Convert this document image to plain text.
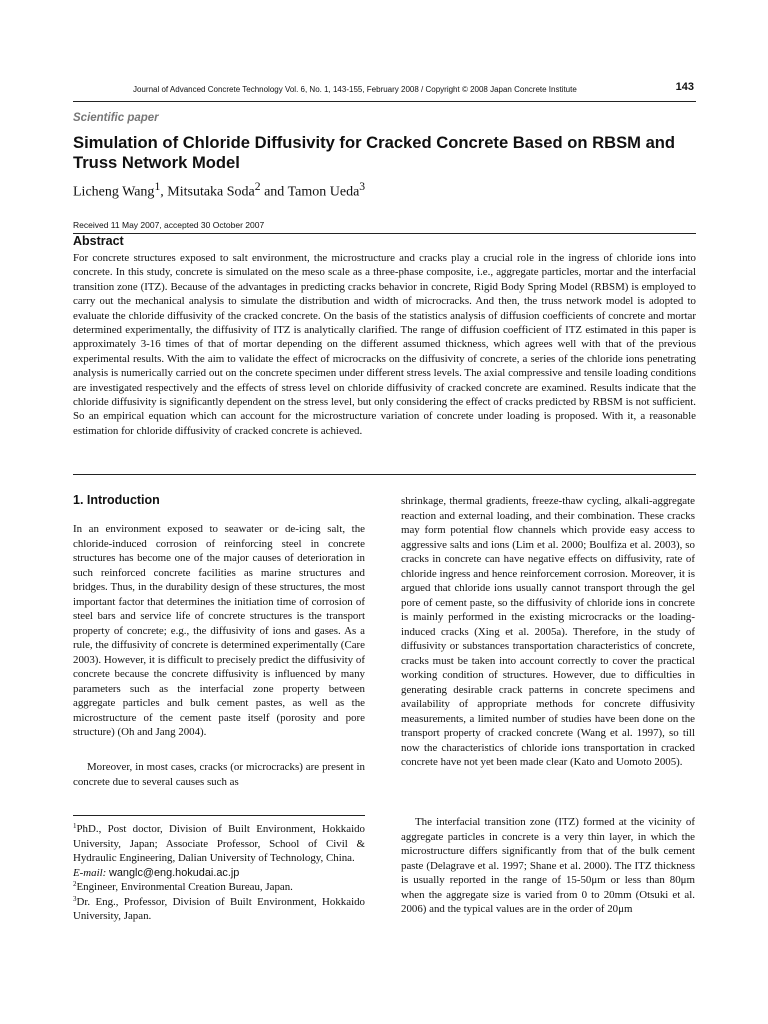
Journal of Advanced Concrete Technology Vol. 6, No. 1, 143-155, February 2008 / Copyright © 2008 Japan Concrete Institute	143
Scientific paper
Simulation of Chloride Diffusivity for Cracked Concrete Based on RBSM and Truss Network Model
Licheng Wang$^1$, Mitsutaka Soda$^2$ and Tamon Ueda$^3$
Received 11 May 2007, accepted 30 October 2007
Abstract

For concrete structures exposed to salt environment, the microstructure and cracks play a crucial role in the ingress of chloride ions into concrete. In this study, concrete is simulated on the meso scale as a three-phase composite, i.e., aggregate particles, mortar and the interfacial transition zone (ITZ). Because of the advantages in predicting cracks behavior in concrete, Rigid Body Spring Model (RBSM) is employed to carry out the mechanical analysis to simulate the distribution and width of microcracks. And then, the truss network model is adopted to evaluate the chloride diffusivity of the cracked concrete. On the basis of the statistics analysis of diffusion coefficients of concrete and mortar determined experimentally, the diffusivity of ITZ is analytically clarified. The range of diffusion coefficient of ITZ estimated in this paper is approximately 3-16 times of that of mortar depending on the different assumed thickness, which agrees well with that of the previous experimental results. With the aim to validate the effect of microcracks on the diffusivity of concrete, a series of the chloride ions penetrating analysis is numerically carried out on the concrete specimen under different stress levels. The axial compressive and tensile loading conditions are investigated respectively and the effects of stress level on chloride diffusivity of cracked concrete are examined. Results indicate that the chloride diffusivity is significantly dependent on the stress level, but only considering the effect of cracks predicted by RBSM is not sufficient. So an empirical equation which can account for the microstructure variation of concrete under loading is proposed. With it, a reasonable estimation for chloride diffusivity of cracked concrete is achieved.

1. Introduction

In an environment exposed to seawater or de-icing salt, the chloride-induced corrosion of reinforcing steel in concrete structures has become one of the major causes of deterioration in such reinforced concrete facilities as marine structures and bridges. Thus, in the durability design of these structures, the most important factor that determines the initiation time of corrosion of steel bars and service life of concrete structures is the transport property of concrete; e.g., the diffusivity of ions and gases. As a rule, the diffusivity of concrete is determined experimentally (Care 2003). However, it is difficult to precisely predict the diffusivity of concrete because the concrete diffusivity is influenced by many parameters such as the interfacial zone property between aggregate particles and bulk cement pastes, as well as the microstructure of the cement paste itself (porosity and pore structure) (Oh and Jang 2004).

Moreover, in most cases, cracks (or microcracks) are present in concrete due to several causes such as

$^1$PhD., Post doctor, Division of Built Environment, Hokkaido University, Japan; Associate Professor, School of Civil & Hydraulic Engineering, Dalian University of Technology, China.

E-mail: wanglc@eng.hokudai.ac.jp

$^2$Engineer, Environmental Creation Bureau, Japan.

$^3$Dr. Eng., Professor, Division of Built Environment, Hokkaido University, Japan.

shrinkage, thermal gradients, freeze-thaw cycling, alkali-aggregate reaction and external loading, and their combination. These cracks may form potential flow channels which provide easy access to aggressive salts and ions (Lim et al. 2000; Boulfiza et al. 2003), so cracks in concrete can have negative effects on diffusivity, rate of chloride ingress and hence reinforcement corrosion. Moreover, it is argued that chloride ions usually cannot transport through the gel pore of cement paste, so the diffusivity of chloride ions in concrete is mainly performed in the existing microcracks or the loading-induced cracks (Xing et al. 2005a). Therefore, in the study of diffusivity or substances transportation characteristics of concrete, cracks must be taken into account correctly to cover the practical working condition of structures. However, due to difficulties in generating desirable crack patterns in concrete specimens and availability of appropriate methods for concrete diffusivity measurements, a limited number of studies have been done on the transport property of cracked concrete (Wang et al. 1997), so till now the characteristics of chloride ions transportation in cracked concrete have not yet been made clear (Kato and Uomoto 2005).

The interfacial transition zone (ITZ) formed at the vicinity of aggregate particles in concrete is a very thin layer, in which the microstructure differs significantly from that of the bulk cement paste (Delagrave et al. 1997; Shane et al. 2000). The ITZ thickness is usually reported in the range of 15-50μm or less than 80μm when the aggregate size is varied from 0 to 20mm (Otsuki et al. 2006) and the typical values are in the order of 20μm
